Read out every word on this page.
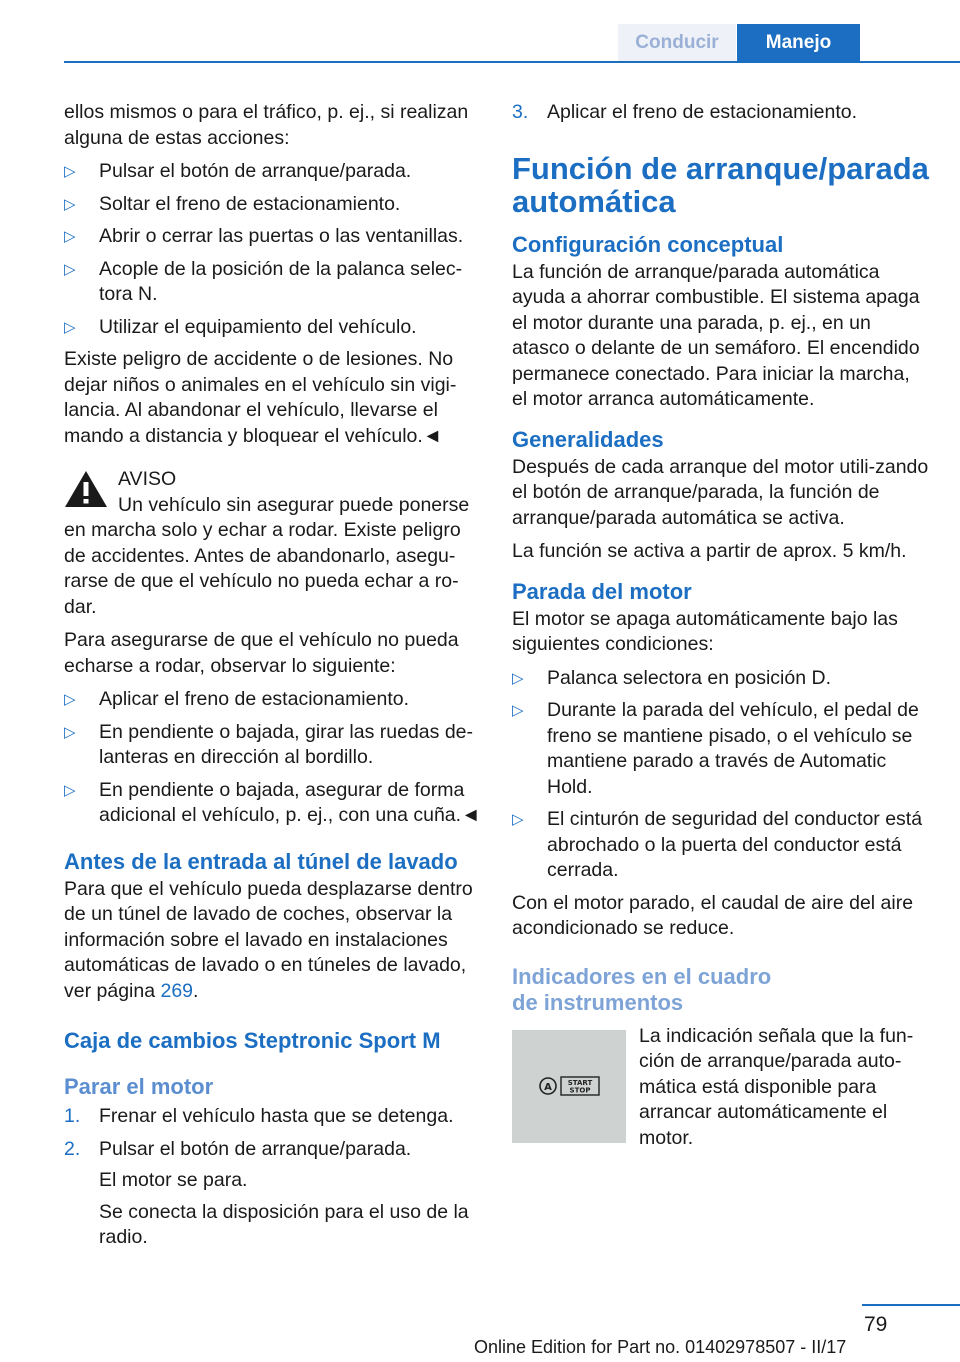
Conducir	Manejo

ellos mismos o para el tráfico, p. ej., si realizan alguna de estas acciones:

▷ Pulsar el botón de arranque/parada.
▷ Soltar el freno de estacionamiento.
▷ Abrir o cerrar las puertas o las ventanillas.
▷ Acople de la posición de la palanca selec‐tora N.
▷ Utilizar el equipamiento del vehículo.

Existe peligro de accidente o de lesiones. No dejar niños o animales en el vehículo sin vigi‐lancia. Al abandonar el vehículo, llevarse el mando a distancia y bloquear el vehículo.◄

AVISO

Un vehículo sin asegurar puede ponerse en marcha solo y echar a rodar. Existe peligro de accidentes. Antes de abandonarlo, asegu‐rarse de que el vehículo no pueda echar a ro‐dar.

Para asegurarse de que el vehículo no pueda echarse a rodar, observar lo siguiente:

▷ Aplicar el freno de estacionamiento.
▷ En pendiente o bajada, girar las ruedas de‐lanteras en dirección al bordillo.
▷ En pendiente o bajada, asegurar de forma adicional el vehículo, p. ej., con una cuña.◄
Antes de la entrada al túnel de lavado

Para que el vehículo pueda desplazarse dentro de un túnel de lavado de coches, observar la información sobre el lavado en instalaciones automáticas de lavado o en túneles de lavado, ver página 269.

Caja de cambios Steptronic Sport M
Parar el motor
1. Frenar el vehículo hasta que se detenga.
2. Pulsar el botón de arranque/parada.
El motor se para.
Se conecta la disposición para el uso de la radio.
3. Aplicar el freno de estacionamiento.
Función de arranque/parada automática
Configuración conceptual

La función de arranque/parada automática ayuda a ahorrar combustible. El sistema apaga el motor durante una parada, p. ej., en un atasco o delante de un semáforo. El encendido permanece conectado. Para iniciar la marcha, el motor arranca automáticamente.

Generalidades

Después de cada arranque del motor utili‐zando el botón de arranque/parada, la función de arranque/parada automática se activa.

La función se activa a partir de aprox. 5 km/h.

Parada del motor

El motor se apaga automáticamente bajo las siguientes condiciones:

▷ Palanca selectora en posición D.
▷ Durante la parada del vehículo, el pedal de freno se mantiene pisado, o el vehículo se mantiene parado a través de Automatic Hold.
▷ El cinturón de seguridad del conductor está abrochado o la puerta del conductor está cerrada.

Con el motor parado, el caudal de aire del aire acondicionado se reduce.

Indicadores en el cuadro
de instrumentos
A START
STOP
La indicación señala que la fun‐ción de arranque/parada auto‐mática está disponible para arrancar automáticamente el motor.
79
Online Edition for Part no. 01402978507 - II/17
